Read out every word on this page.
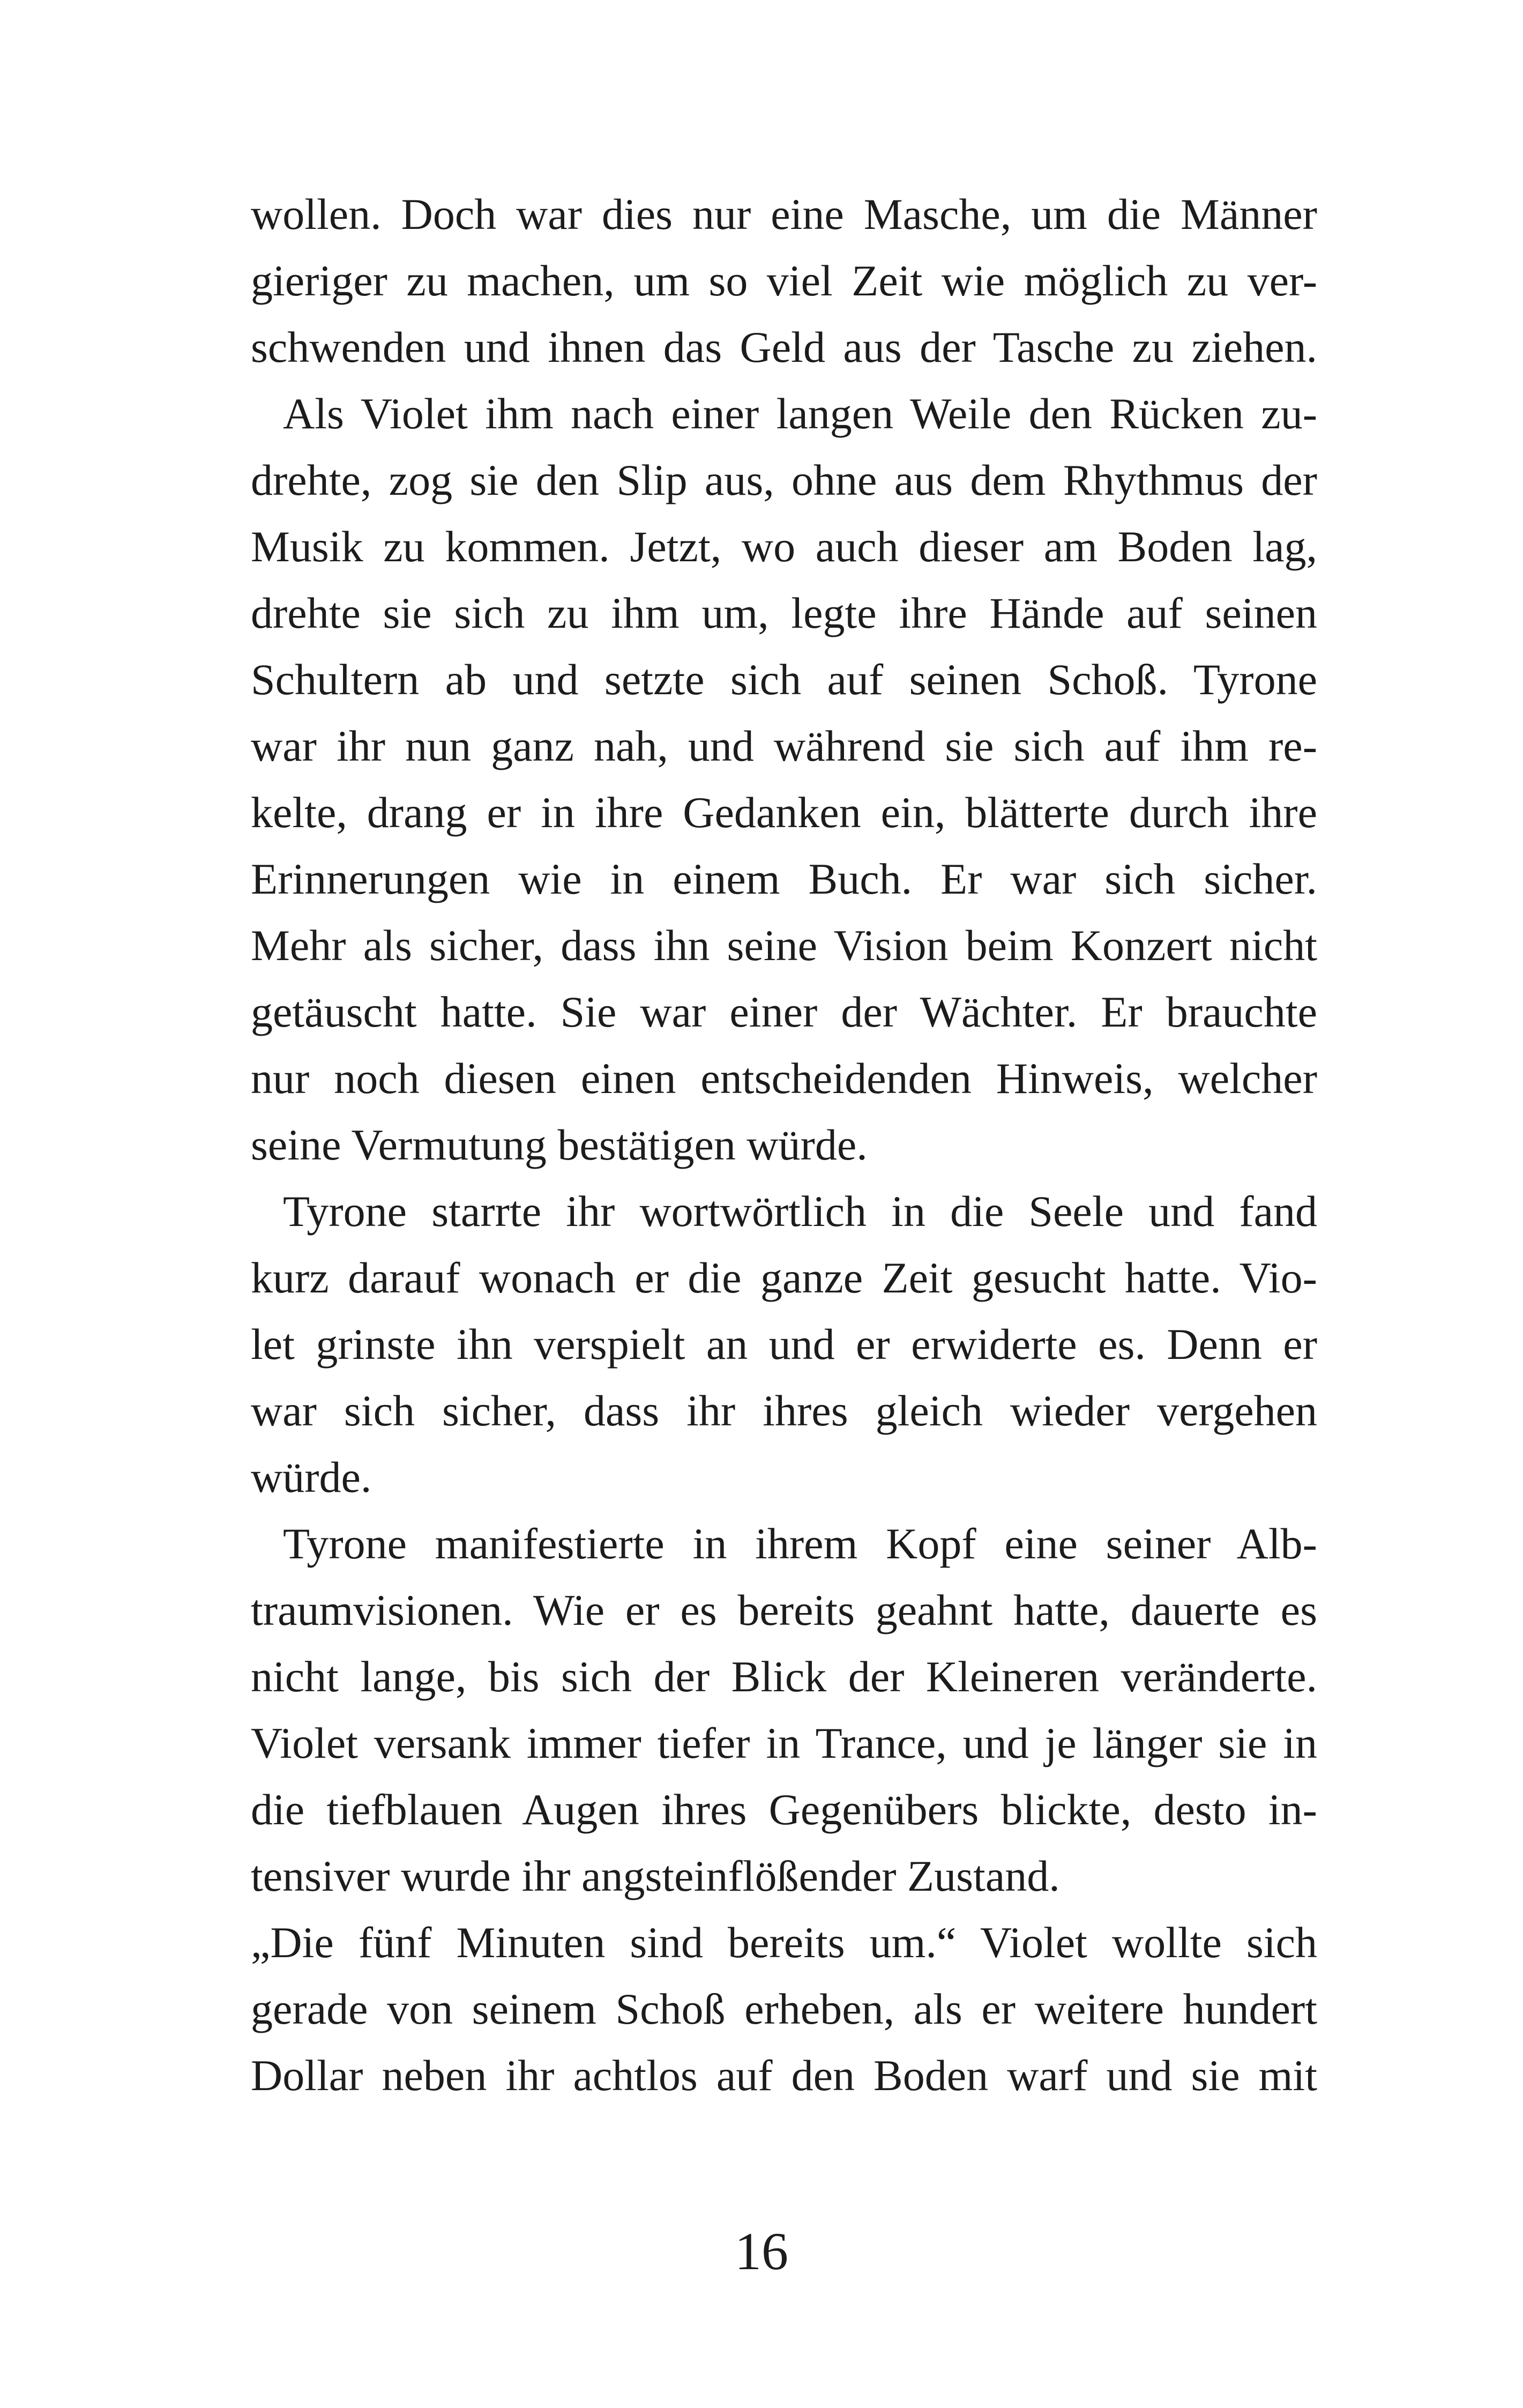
wollen. Doch war dies nur eine Masche, um die Männer
gieriger zu machen, um so viel Zeit wie möglich zu ver-
schwenden und ihnen das Geld aus der Tasche zu ziehen.
Als Violet ihm nach einer langen Weile den Rücken zu-
drehte, zog sie den Slip aus, ohne aus dem Rhythmus der
Musik zu kommen. Jetzt, wo auch dieser am Boden lag,
drehte sie sich zu ihm um, legte ihre Hände auf seinen
Schultern ab und setzte sich auf seinen Schoß. Tyrone
war ihr nun ganz nah, und während sie sich auf ihm re-
kelte, drang er in ihre Gedanken ein, blätterte durch ihre
Erinnerungen wie in einem Buch. Er war sich sicher.
Mehr als sicher, dass ihn seine Vision beim Konzert nicht
getäuscht hatte. Sie war einer der Wächter. Er brauchte
nur noch diesen einen entscheidenden Hinweis, welcher
seine Vermutung bestätigen würde.
Tyrone starrte ihr wortwörtlich in die Seele und fand
kurz darauf wonach er die ganze Zeit gesucht hatte. Vio-
let grinste ihn verspielt an und er erwiderte es. Denn er
war sich sicher, dass ihr ihres gleich wieder vergehen
würde.
Tyrone manifestierte in ihrem Kopf eine seiner Alb-
traumvisionen. Wie er es bereits geahnt hatte, dauerte es
nicht lange, bis sich der Blick der Kleineren veränderte.
Violet versank immer tiefer in Trance, und je länger sie in
die tiefblauen Augen ihres Gegenübers blickte, desto in-
tensiver wurde ihr angsteinflößender Zustand.
„Die fünf Minuten sind bereits um.“ Violet wollte sich
gerade von seinem Schoß erheben, als er weitere hundert
Dollar neben ihr achtlos auf den Boden warf und sie mit
16
